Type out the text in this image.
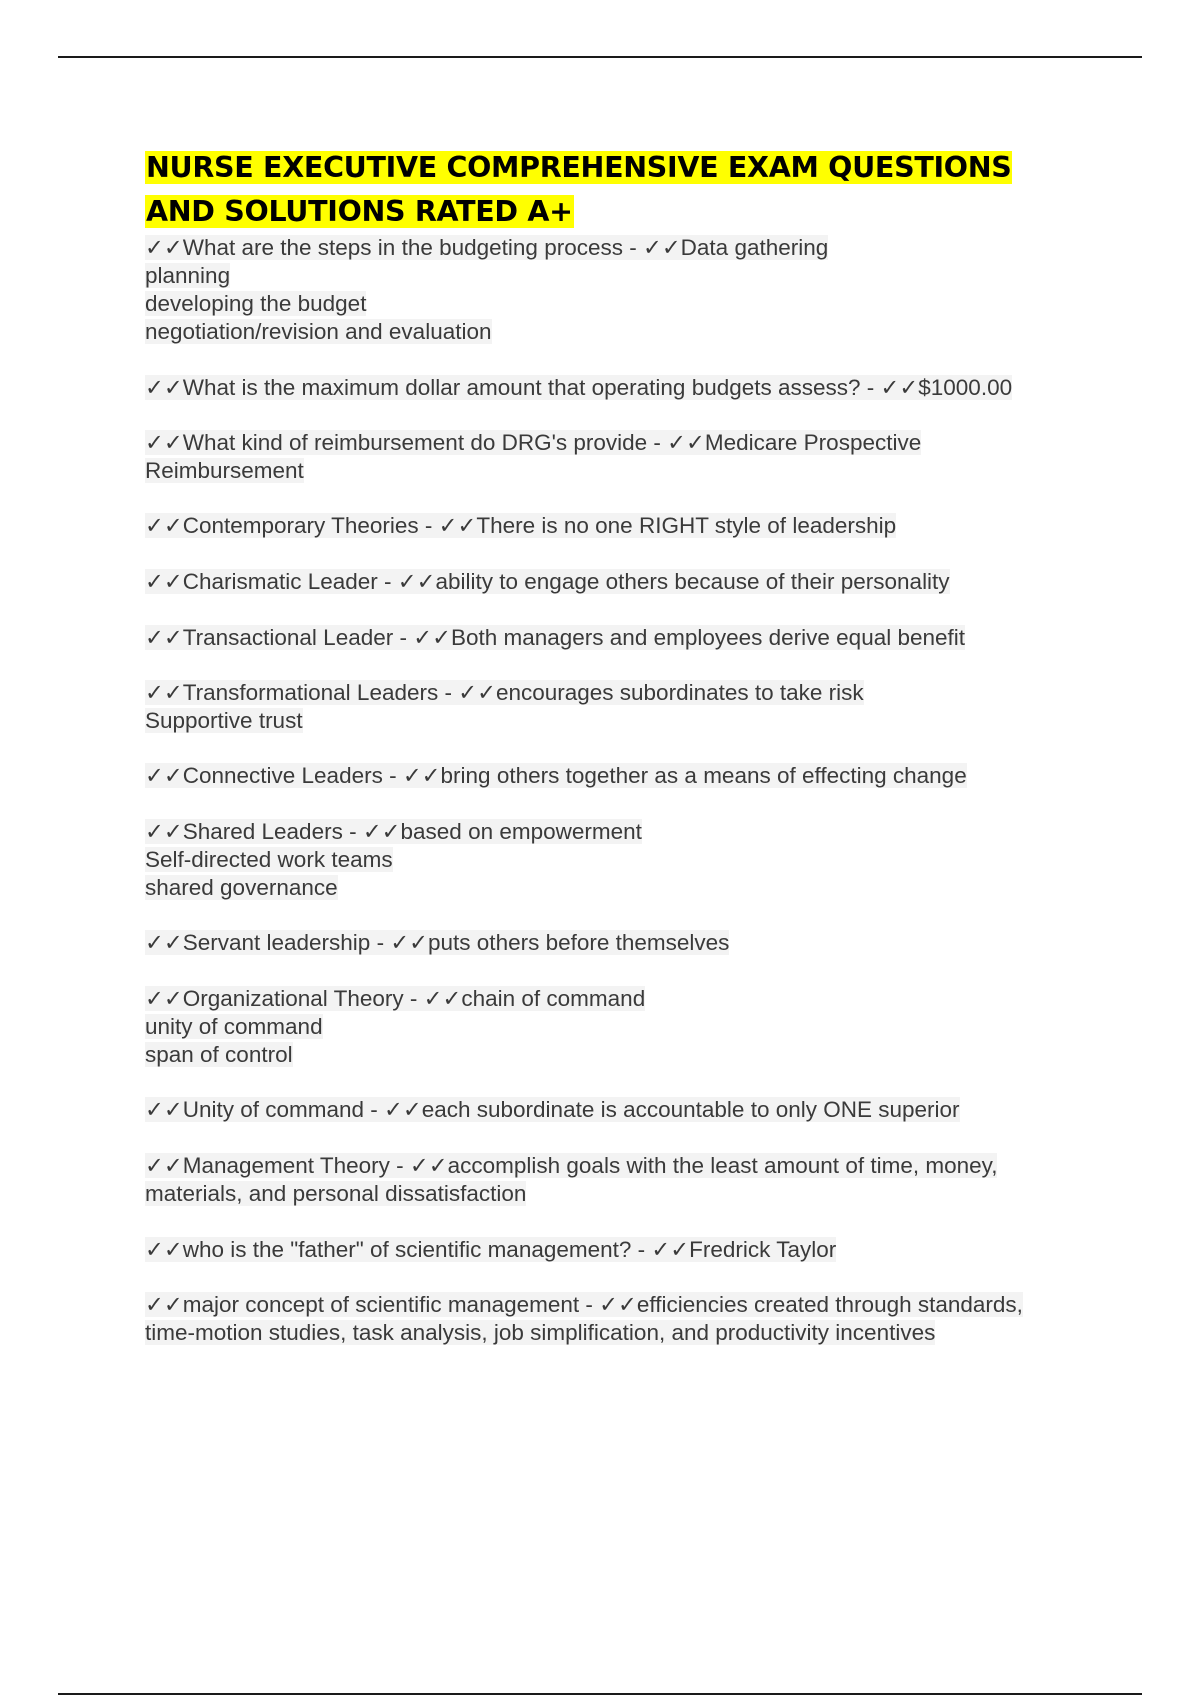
NURSE EXECUTIVE COMPREHENSIVE EXAM QUESTIONS
AND SOLUTIONS RATED A+
✓✓What are the steps in the budgeting process - ✓✓Data gathering
planning
developing the budget
negotiation/revision and evaluation
✓✓What is the maximum dollar amount that operating budgets assess? - ✓✓$1000.00
✓✓What kind of reimbursement do DRG's provide - ✓✓Medicare Prospective
Reimbursement
✓✓Contemporary Theories - ✓✓There is no one RIGHT style of leadership
✓✓Charismatic Leader - ✓✓ability to engage others because of their personality
✓✓Transactional Leader - ✓✓Both managers and employees derive equal benefit
✓✓Transformational Leaders - ✓✓encourages subordinates to take risk
Supportive trust
✓✓Connective Leaders - ✓✓bring others together as a means of effecting change
✓✓Shared Leaders - ✓✓based on empowerment
Self-directed work teams
shared governance
✓✓Servant leadership - ✓✓puts others before themselves
✓✓Organizational Theory - ✓✓chain of command
unity of command
span of control
✓✓Unity of command - ✓✓each subordinate is accountable to only ONE superior
✓✓Management Theory - ✓✓accomplish goals with the least amount of time, money,
materials, and personal dissatisfaction
✓✓who is the "father" of scientific management? - ✓✓Fredrick Taylor
✓✓major concept of scientific management - ✓✓efficiencies created through standards,
time-motion studies, task analysis, job simplification, and productivity incentives
